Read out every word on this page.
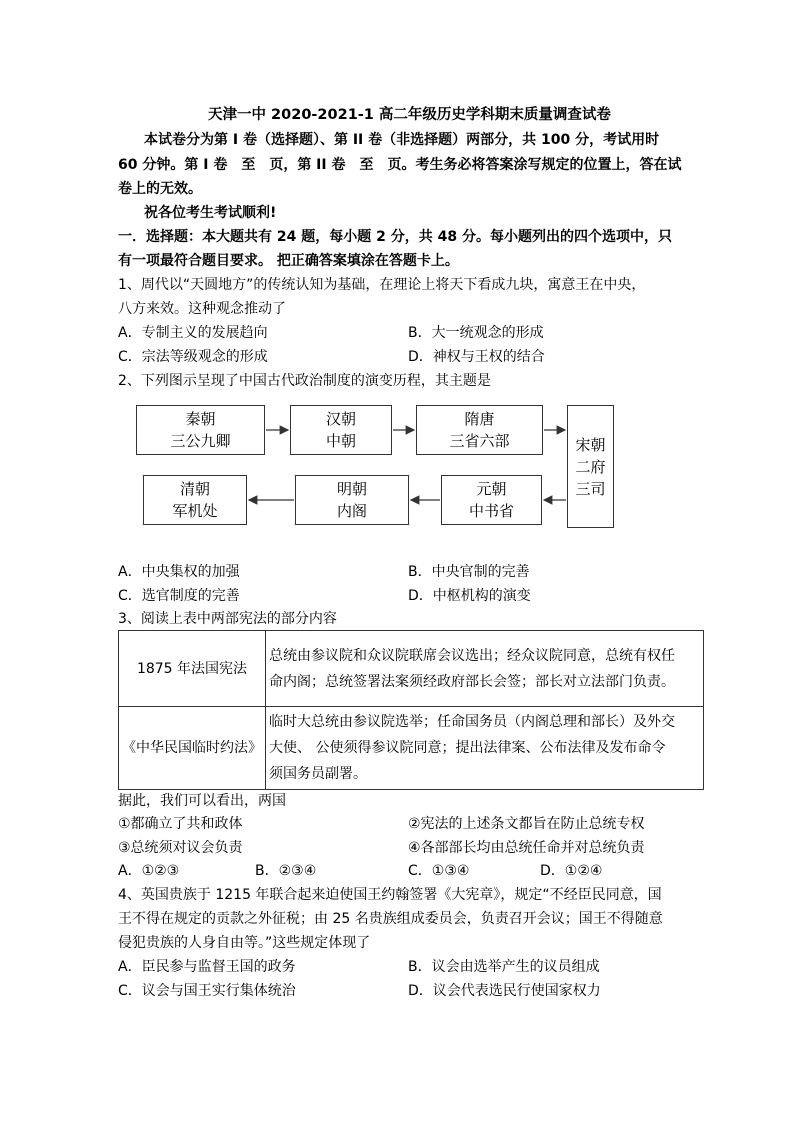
天津一中 2020-2021-1 高二年级历史学科期末质量调查试卷
本试卷分为第 I 卷（选择题）、第 II 卷（非选择题）两部分，共 100 分，考试用时
60 分钟。第 I 卷　至　页，第 II 卷　至　页。考生务必将答案涂写规定的位置上，答在试
卷上的无效。
祝各位考生考试顺利!
一．选择题：本大题共有 24 题，每小题 2 分，共 48 分。每小题列出的四个选项中，只
有一项最符合题目要求。 把正确答案填涂在答题卡上。
1、周代以“天圆地方”的传统认知为基础，在理论上将天下看成九块，寓意王在中央，
八方来效。这种观念推动了
A．专制主义的发展趋向	B．大一统观念的形成
C．宗法等级观念的形成	D．神权与王权的结合
2、下列图示呈现了中国古代政治制度的演变历程，其主题是
秦朝
三公九卿
汉朝
中朝
隋唐
三省六部	宋朝
二府
三司
元朝
中书省
明朝
内阁
清朝
军机处
A．中央集权的加强	B．中央官制的完善
C．选官制度的完善	D．中枢机构的演变
3、阅读上表中两部宪法的部分内容
1875 年法国宪法	总统由参议院和众议院联席会议选出；经众议院同意，总统有权任
命内阁；总统签署法案须经政府部长会签；部长对立法部门负责。

《中华民国临时约法》	临时大总统由参议院选举；任命国务员（内阁总理和部长）及外交
大使、 公使须得参议院同意；提出法律案、公布法律及发布命令
须国务员副署。
据此，我们可以看出，两国
①都确立了共和政体	②宪法的上述条文都旨在防止总统专权
③总统须对议会负责	④各部部长均由总统任命并对总统负责
A．①②③	B．②③④	C．①③④	D．①②④
4、英国贵族于 1215 年联合起来迫使国王约翰签署《大宪章》，规定“不经臣民同意，国
王不得在规定的贡款之外征税；由 25 名贵族组成委员会，负责召开会议；国王不得随意
侵犯贵族的人身自由等。”这些规定体现了
A．臣民参与监督王国的政务	B．议会由选举产生的议员组成
C．议会与国王实行集体统治	D．议会代表选民行使国家权力
